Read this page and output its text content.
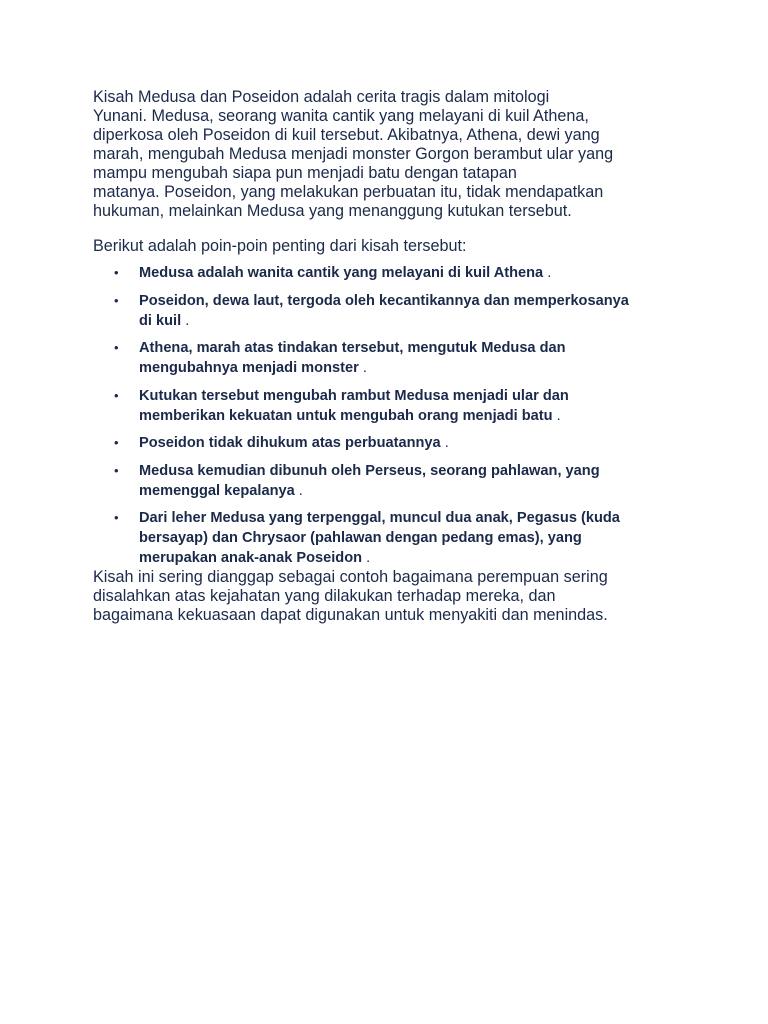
Kisah Medusa dan Poseidon adalah cerita tragis dalam mitologi
Yunani. Medusa, seorang wanita cantik yang melayani di kuil Athena,
diperkosa oleh Poseidon di kuil tersebut. Akibatnya, Athena, dewi yang
marah, mengubah Medusa menjadi monster Gorgon berambut ular yang
mampu mengubah siapa pun menjadi batu dengan tatapan
matanya. Poseidon, yang melakukan perbuatan itu, tidak mendapatkan
hukuman, melainkan Medusa yang menanggung kutukan tersebut.

Berikut adalah poin-poin penting dari kisah tersebut:

• Medusa adalah wanita cantik yang melayani di kuil Athena .
• Poseidon, dewa laut, tergoda oleh kecantikannya dan memperkosanya
di kuil .
• Athena, marah atas tindakan tersebut, mengutuk Medusa dan
mengubahnya menjadi monster .
• Kutukan tersebut mengubah rambut Medusa menjadi ular dan
memberikan kekuatan untuk mengubah orang menjadi batu .
• Poseidon tidak dihukum atas perbuatannya .
• Medusa kemudian dibunuh oleh Perseus, seorang pahlawan, yang
memenggal kepalanya .
• Dari leher Medusa yang terpenggal, muncul dua anak, Pegasus (kuda
bersayap) dan Chrysaor (pahlawan dengan pedang emas), yang
merupakan anak-anak Poseidon .

Kisah ini sering dianggap sebagai contoh bagaimana perempuan sering
disalahkan atas kejahatan yang dilakukan terhadap mereka, dan
bagaimana kekuasaan dapat digunakan untuk menyakiti dan menindas.
